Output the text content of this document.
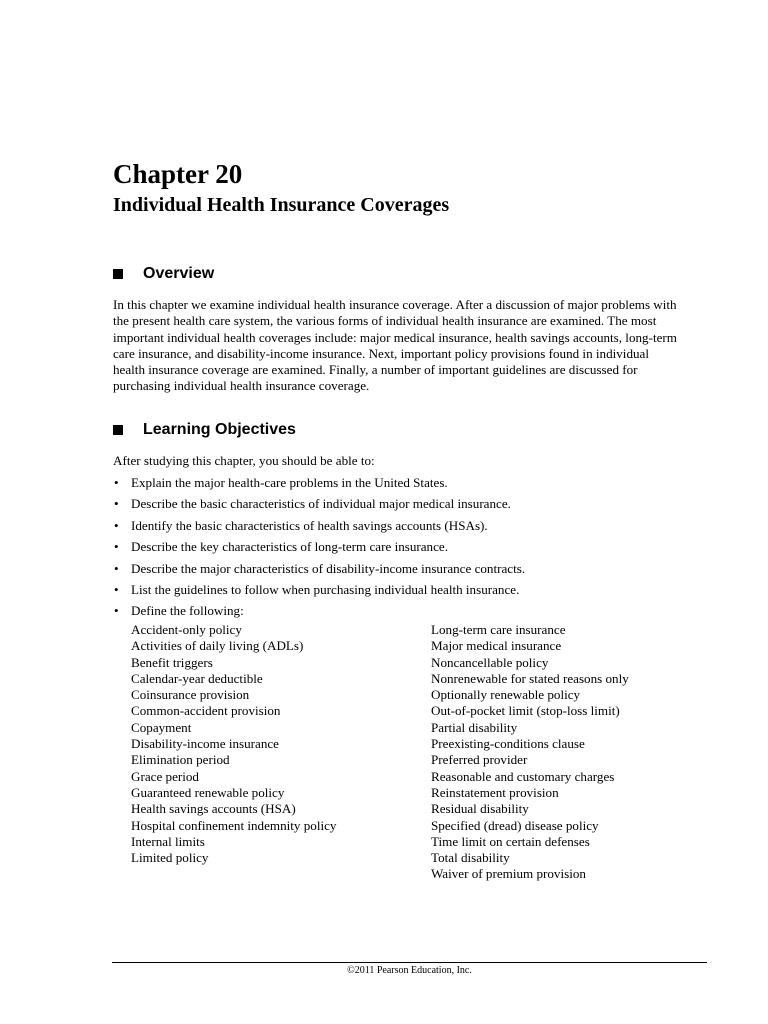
Chapter 20
Individual Health Insurance Coverages
Overview

In this chapter we examine individual health insurance coverage. After a discussion of major problems with the present health care system, the various forms of individual health insurance are examined. The most important individual health coverages include: major medical insurance, health savings accounts, long-term care insurance, and disability-income insurance. Next, important policy provisions found in individual health insurance coverage are examined. Finally, a number of important guidelines are discussed for purchasing individual health insurance coverage.

Learning Objectives

After studying this chapter, you should be able to:

• Explain the major health-care problems in the United States.
• Describe the basic characteristics of individual major medical insurance.
• Identify the basic characteristics of health savings accounts (HSAs).
• Describe the key characteristics of long-term care insurance.
• Describe the major characteristics of disability-income insurance contracts.
• List the guidelines to follow when purchasing individual health insurance.
• Define the following:
Accident-only policy
Activities of daily living (ADLs)
Benefit triggers
Calendar-year deductible
Coinsurance provision
Common-accident provision
Copayment
Disability-income insurance
Elimination period
Grace period
Guaranteed renewable policy
Health savings accounts (HSA)
Hospital confinement indemnity policy
Internal limits
Limited policy
Long-term care insurance
Major medical insurance
Noncancellable policy
Nonrenewable for stated reasons only
Optionally renewable policy
Out-of-pocket limit (stop-loss limit)
Partial disability
Preexisting-conditions clause
Preferred provider
Reasonable and customary charges
Reinstatement provision
Residual disability
Specified (dread) disease policy
Time limit on certain defenses
Total disability
Waiver of premium provision
©2011 Pearson Education, Inc.
